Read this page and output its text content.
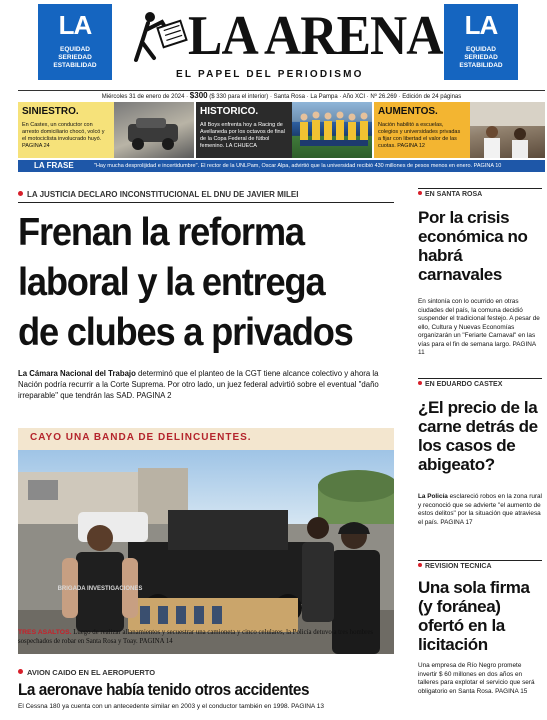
LA
EQUIDAD
SERIEDAD
ESTABILIDAD LA ARENA
EL PAPEL DEL PERIODISMO
LA
EQUIDAD
SERIEDAD
ESTABILIDAD
Miércoles 31 de enero de 2024 · $300 ($ 330 para el interior) · Santa Rosa · La Pampa · Año XCI · Nº 26.269 · Edición de 24 páginas
SINIESTRO.
En Castex, un conductor con arresto domiciliario chocó, volcó y el motociclista involucrado huyó. PAGINA 24
HISTORICO.
All Boys enfrenta hoy a Racing de Avellaneda por los octavos de final de la Copa Federal de fútbol femenino. LA CHUECA
AUMENTOS.
Nación habilitó a escuelas, colegios y universidades privadas a fijar con libertad el valor de las cuotas. PAGINA 12
LA FRASE	"Hay mucha desprolijidad e incertidumbre". El rector de la UNLPam, Oscar Alpa, advirtió que la universidad recibió 430 millones de pesos menos en enero. PAGINA 10
LA JUSTICIA DECLARO INCONSTITUCIONAL EL DNU DE JAVIER MILEI
Frenan la reforma laboral y la entrega de clubes a privados

La Cámara Nacional del Trabajo determinó que el planteo de la CGT tiene alcance colectivo y ahora la Nación podría recurrir a la Corte Suprema. Por otro lado, un juez federal advirtió sobre el eventual "daño irreparable" que tendrán las SAD. PAGINA 2

CAYO UNA BANDA DE DELINCUENTES.
BRIGADA INVESTIGACIONES

TRES ASALTOS. Luego de realizar allanamientos y secuestrar una camioneta y cinco celulares, la Policía detuvo a tres hombres sospechados de robar en Santa Rosa y Toay. PAGINA 14

AVION CAIDO EN EL AEROPUERTO
La aeronave había tenido otros accidentes

El Cessna 180 ya cuenta con un antecedente similar en 2003 y el conductor también en 1998. PAGINA 13

EN SANTA ROSA
Por la crisis económica no habrá carnavales

En sintonía con lo ocurrido en otras ciudades del país, la comuna decidió suspender el tradicional festejo. A pesar de ello, Cultura y Nuevas Economías organizarán un "Feriarte Carnaval" en las vías para el fin de semana largo. PAGINA 11

EN EDUARDO CASTEX
¿El precio de la carne detrás de los casos de abigeato?

La Policía esclareció robos en la zona rural y reconoció que se advierte "el aumento de estos delitos" por la situación que atraviesa el país. PAGINA 17

REVISION TECNICA
Una sola firma (y foránea) ofertó en la licitación

Una empresa de Río Negro promete invertir $ 60 millones en dos años en talleres para explotar el servicio que será obligatorio en Santa Rosa. PAGINA 15
